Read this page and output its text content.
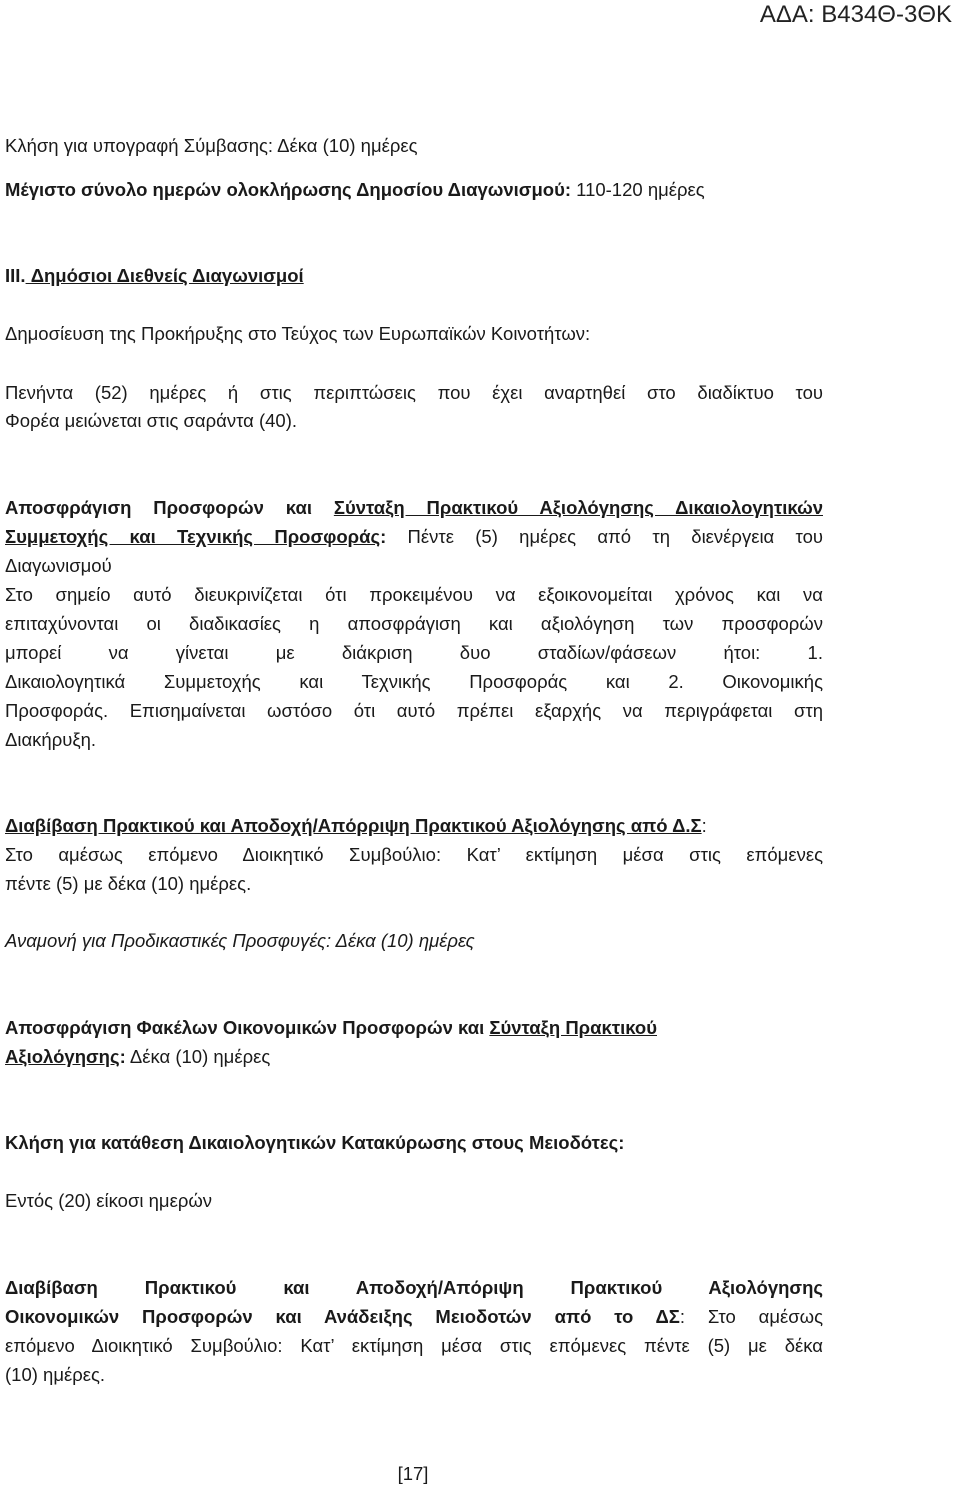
ΑΔΑ: Β434Θ-3ΘΚ
Κλήση για υπογραφή Σύμβασης: Δέκα (10) ημέρες
Μέγιστο σύνολο ημερών ολοκλήρωσης Δημοσίου Διαγωνισμού: 110-120 ημέρες
III. Δημόσιοι Διεθνείς Διαγωνισμοί
Δημοσίευση της Προκήρυξης στο Τεύχος των Ευρωπαϊκών Κοινοτήτων:
Πενήντα (52) ημέρες ή στις περιπτώσεις που έχει αναρτηθεί στο διαδίκτυο του
Φορέα μειώνεται στις σαράντα (40).
Αποσφράγιση Προσφορών και Σύνταξη Πρακτικού Αξιολόγησης Δικαιολογητικών
Συμμετοχής και Τεχνικής Προσφοράς: Πέντε (5) ημέρες από τη διενέργεια του
Διαγωνισμού
Στο σημείο αυτό διευκρινίζεται ότι προκειμένου να εξοικονομείται χρόνος και να
επιταχύνονται οι διαδικασίες η αποσφράγιση και αξιολόγηση των προσφορών
μπορεί να γίνεται με διάκριση δυο σταδίων/φάσεων ήτοι: 1.
Δικαιολογητικά Συμμετοχής και Τεχνικής Προσφοράς και 2. Οικονομικής
Προσφοράς. Επισημαίνεται ωστόσο ότι αυτό πρέπει εξαρχής να περιγράφεται στη
Διακήρυξη.
Διαβίβαση Πρακτικού και Αποδοχή/Απόρριψη Πρακτικού Αξιολόγησης από Δ.Σ:
Στο αμέσως επόμενο Διοικητικό Συμβούλιο: Κατ’ εκτίμηση μέσα στις επόμενες
πέντε (5) με δέκα (10) ημέρες.
Αναμονή για Προδικαστικές Προσφυγές: Δέκα (10) ημέρες
Αποσφράγιση Φακέλων Οικονομικών Προσφορών και Σύνταξη Πρακτικού
Αξιολόγησης: Δέκα (10) ημέρες
Κλήση για κατάθεση Δικαιολογητικών Κατακύρωσης στους Μειοδότες:
Εντός (20) είκοσι ημερών
Διαβίβαση Πρακτικού και Αποδοχή/Απόριψη Πρακτικού Αξιολόγησης
Οικονομικών Προσφορών και Ανάδειξης Μειοδοτών από το ΔΣ: Στο αμέσως
επόμενο Διοικητικό Συμβούλιο: Κατ’ εκτίμηση μέσα στις επόμενες πέντε (5) με δέκα
(10) ημέρες.
[17]
